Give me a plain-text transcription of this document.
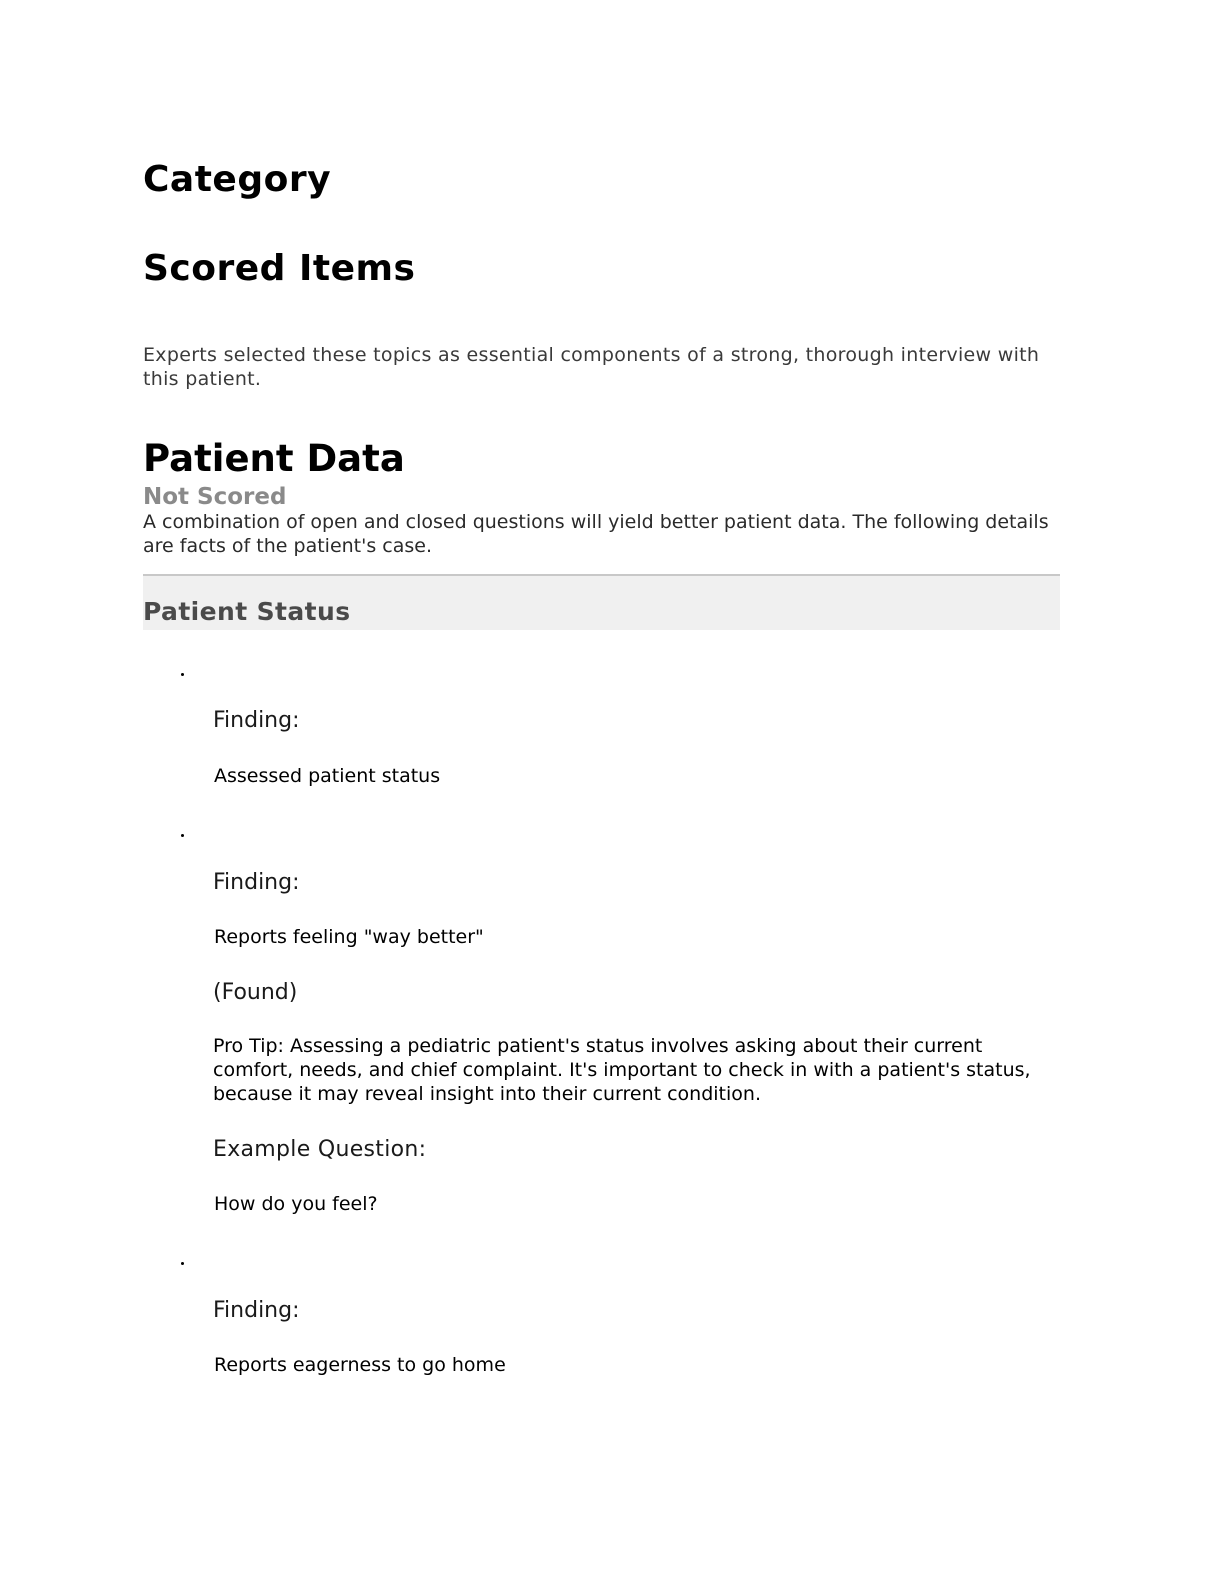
Category
Scored Items

Experts selected these topics as essential components of a strong, thorough interview with this patient.

Patient Data
Not Scored

A combination of open and closed questions will yield better patient data. The following details are facts of the patient's case.

Patient Status
Finding:
Assessed patient status
Finding:
Reports feeling "way better"
(Found)
Pro Tip: Assessing a pediatric patient's status involves asking about their current comfort, needs, and chief complaint. It's important to check in with a patient's status, because it may reveal insight into their current condition.
Example Question:
How do you feel?
Finding:
Reports eagerness to go home
